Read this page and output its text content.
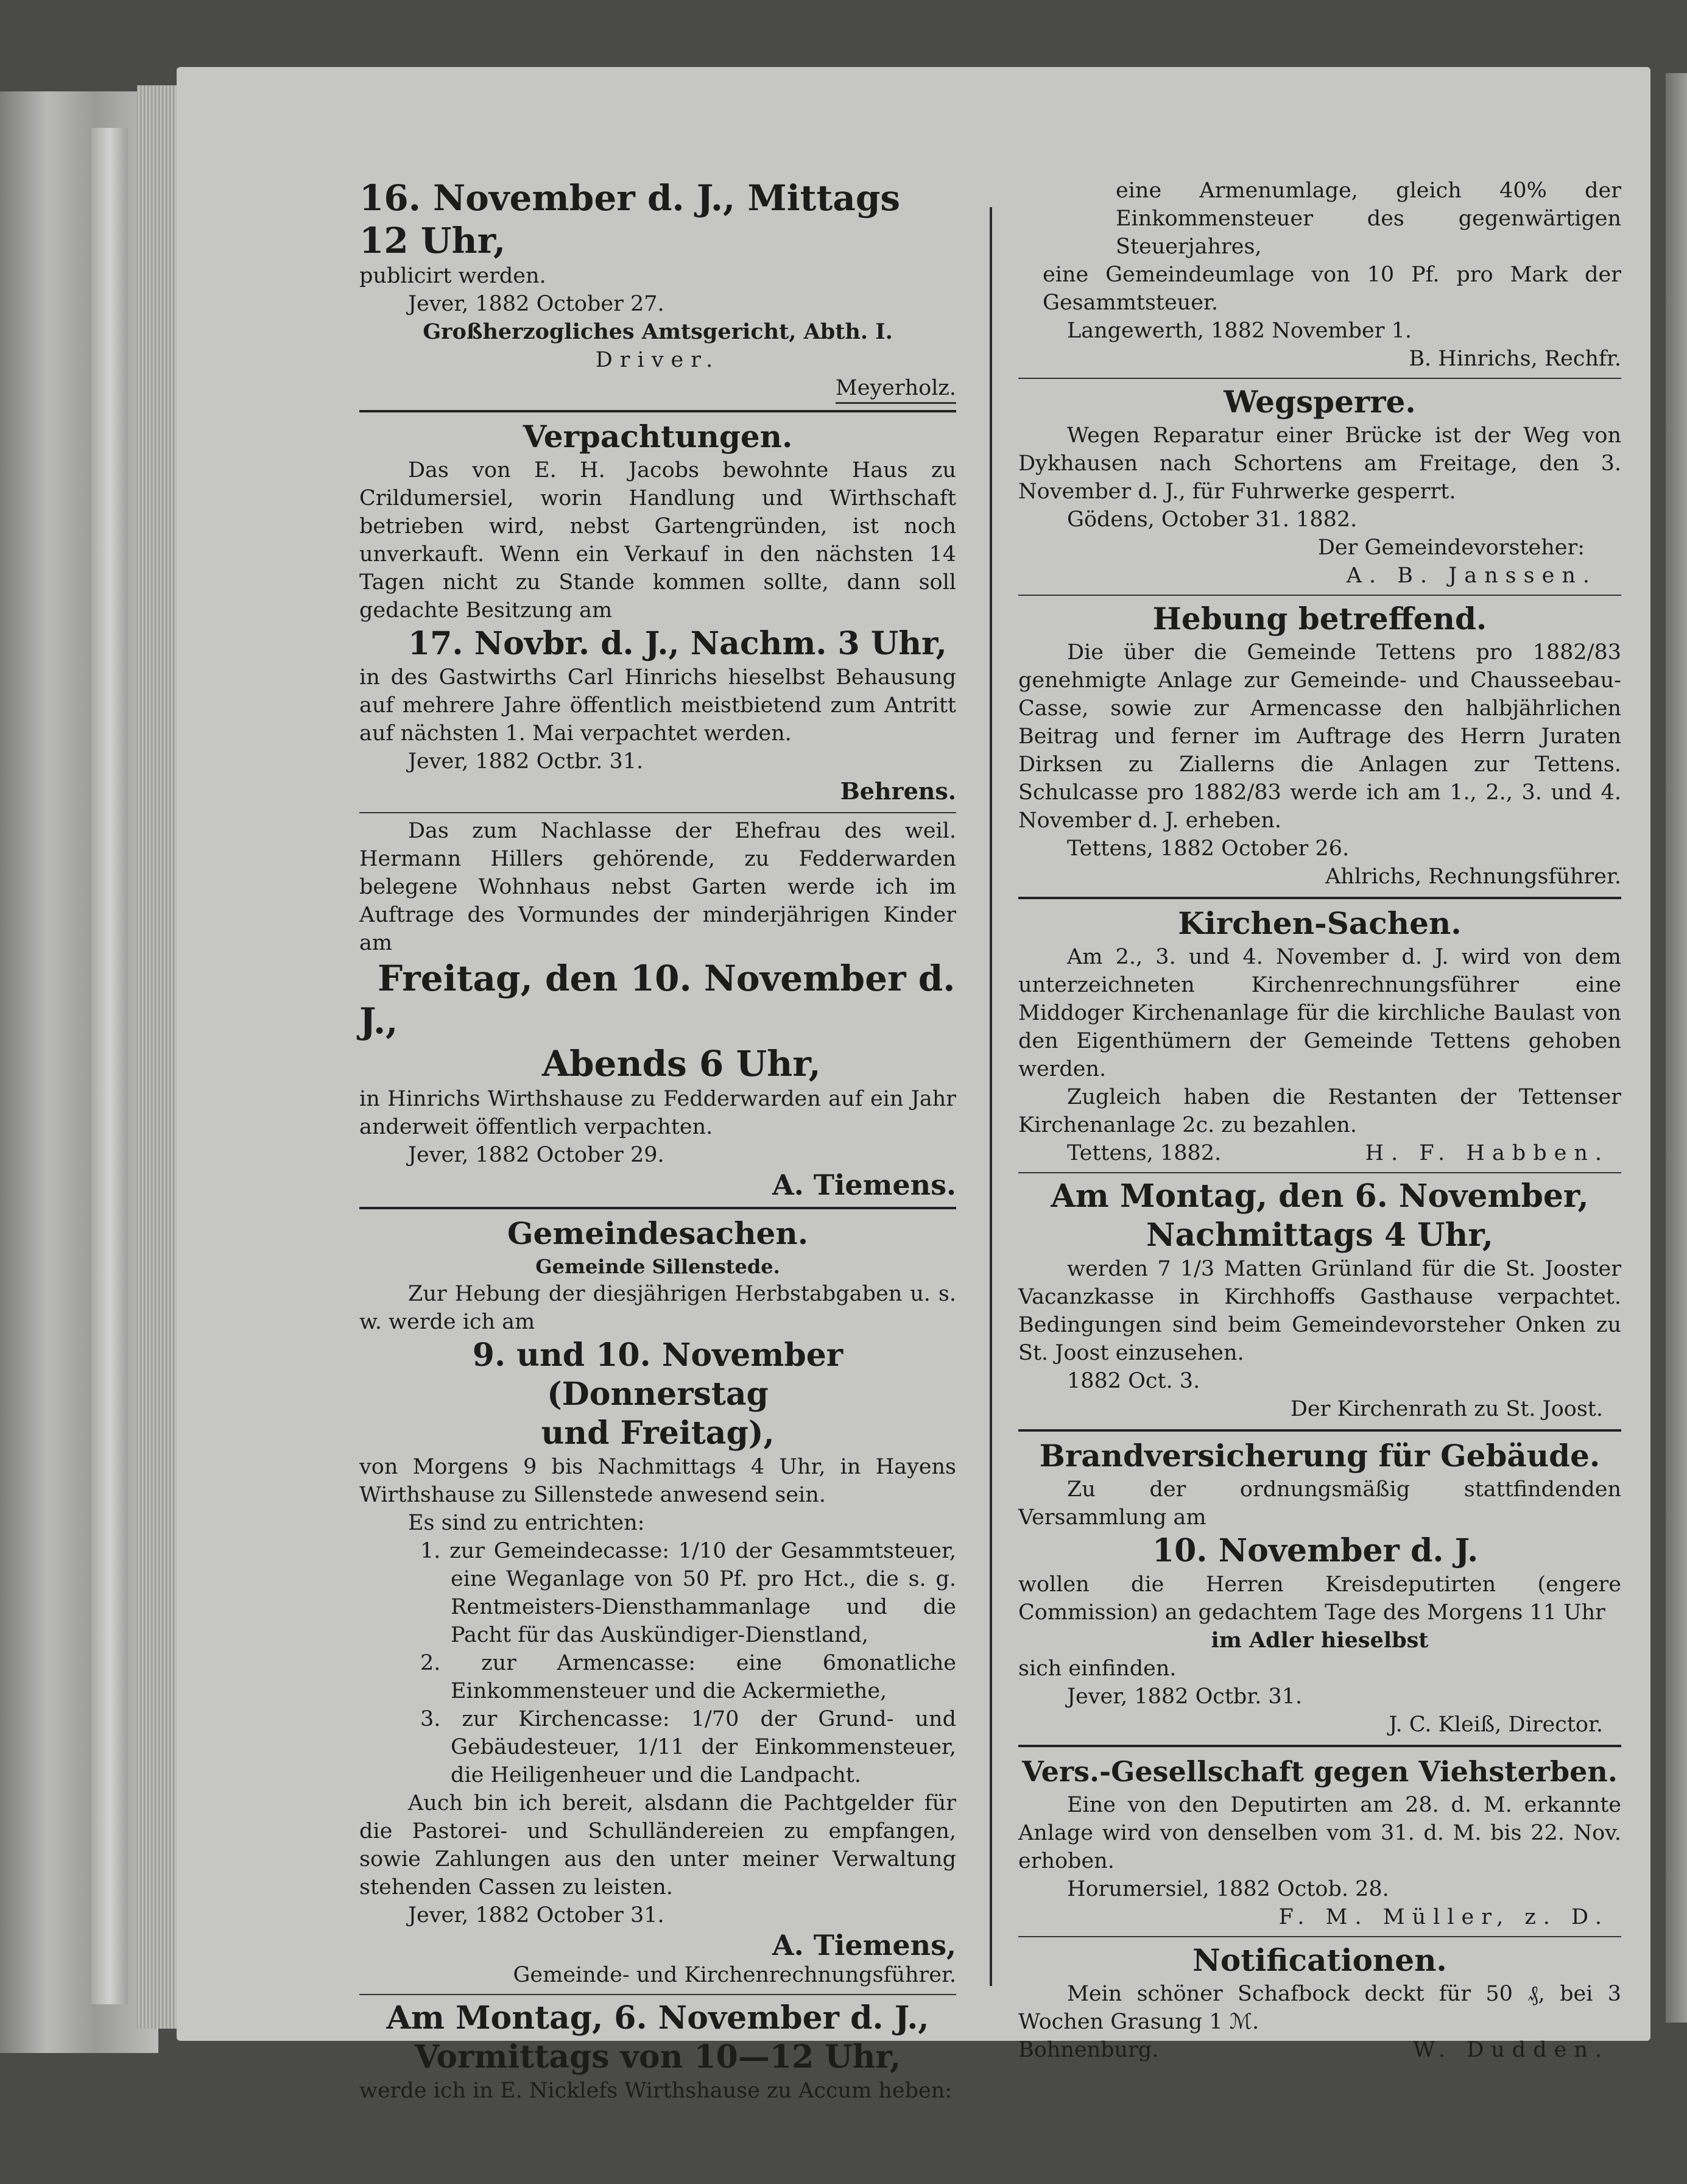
16. November d. J., Mittags 12 Uhr,

publicirt werden.

Jever, 1882 October 27.

Großherzogliches Amtsgericht, Abth. I.

Driver.

Meyerholz.

Verpachtungen.

Das von E. H. Jacobs bewohnte Haus zu Crildumersiel, worin Handlung und Wirthschaft betrieben wird, nebst Gartengründen, ist noch unverkauft. Wenn ein Verkauf in den nächsten 14 Tagen nicht zu Stande kommen sollte, dann soll gedachte Besitzung am

17. Novbr. d. J., Nachm. 3 Uhr,

in des Gastwirths Carl Hinrichs hieselbst Behausung auf mehrere Jahre öffentlich meistbietend zum Antritt auf nächsten 1. Mai verpachtet werden.

Jever, 1882 Octbr. 31.

Behrens.

Das zum Nachlasse der Ehefrau des weil. Hermann Hillers gehörende, zu Fedderwarden belegene Wohnhaus nebst Garten werde ich im Auftrage des Vormundes der minderjährigen Kinder am

Freitag, den 10. November d. J.,

Abends 6 Uhr,

in Hinrichs Wirthshause zu Fedderwarden auf ein Jahr anderweit öffentlich verpachten.

Jever, 1882 October 29.

A. Tiemens.

Gemeindesachen.

Gemeinde Sillenstede.

Zur Hebung der diesjährigen Herbstabgaben u. s. w. werde ich am

9. und 10. November (Donnerstag

und Freitag),

von Morgens 9 bis Nachmittags 4 Uhr, in Hayens Wirthshause zu Sillenstede anwesend sein.

Es sind zu entrichten:

1. zur Gemeindecasse: 1/10 der Gesammtsteuer, eine Weganlage von 50 Pf. pro Hct., die s. g. Rentmeisters-Diensthammanlage und die Pacht für das Auskündiger-Dienstland,

2. zur Armencasse: eine 6monatliche Einkommensteuer und die Ackermiethe,

3. zur Kirchencasse: 1/70 der Grund- und Gebäudesteuer, 1/11 der Einkommensteuer, die Heiligenheuer und die Landpacht.

Auch bin ich bereit, alsdann die Pachtgelder für die Pastorei- und Schulländereien zu empfangen, sowie Zahlungen aus den unter meiner Verwaltung stehenden Cassen zu leisten.

Jever, 1882 October 31.

A. Tiemens,

Gemeinde- und Kirchenrechnungsführer.

Am Montag, 6. November d. J.,

Vormittags von 10—12 Uhr,

werde ich in E. Nicklefs Wirthshause zu Accum heben:

eine Armenumlage, gleich 40% der Einkommensteuer des gegenwärtigen Steuerjahres,

eine Gemeindeumlage von 10 Pf. pro Mark der Gesammtsteuer.

Langewerth, 1882 November 1.

B. Hinrichs, Rechfr.

Wegsperre.

Wegen Reparatur einer Brücke ist der Weg von Dykhausen nach Schortens am Freitage, den 3. November d. J., für Fuhrwerke gesperrt.

Gödens, October 31. 1882.

Der Gemeindevorsteher:

A. B. Janssen.

Hebung betreffend.

Die über die Gemeinde Tettens pro 1882/83 genehmigte Anlage zur Gemeinde- und Chausseebau-Casse, sowie zur Armencasse den halbjährlichen Beitrag und ferner im Auftrage des Herrn Juraten Dirksen zu Ziallerns die Anlagen zur Tettens. Schulcasse pro 1882/83 werde ich am 1., 2., 3. und 4. November d. J. erheben.

Tettens, 1882 October 26.

Ahlrichs, Rechnungsführer.

Kirchen-Sachen.

Am 2., 3. und 4. November d. J. wird von dem unterzeichneten Kirchenrechnungsführer eine Middoger Kirchenanlage für die kirchliche Baulast von den Eigenthümern der Gemeinde Tettens gehoben werden.

Zugleich haben die Restanten der Tettenser Kirchenanlage 2c. zu bezahlen.

Tettens, 1882.	H. F. Habben.

Am Montag, den 6. November,

Nachmittags 4 Uhr,

werden 7 1/3 Matten Grünland für die St. Jooster Vacanzkasse in Kirchhoffs Gasthause verpachtet. Bedingungen sind beim Gemeindevorsteher Onken zu St. Joost einzusehen.

1882 Oct. 3.

Der Kirchenrath zu St. Joost.

Brandversicherung für Gebäude.

Zu der ordnungsmäßig stattfindenden Versammlung am

10. November d. J.

wollen die Herren Kreisdeputirten (engere Commission) an gedachtem Tage des Morgens 11 Uhr

im Adler hieselbst

sich einfinden.

Jever, 1882 Octbr. 31.

J. C. Kleiß, Director.

Vers.-Gesellschaft gegen Viehsterben.

Eine von den Deputirten am 28. d. M. erkannte Anlage wird von denselben vom 31. d. M. bis 22. Nov. erhoben.

Horumersiel, 1882 Octob. 28.

F. M. Müller, z. D.

Notificationen.

Mein schöner Schafbock deckt für 50 ₰, bei 3 Wochen Grasung 1 ℳ.

Bohnenburg.	W. Dudden.
